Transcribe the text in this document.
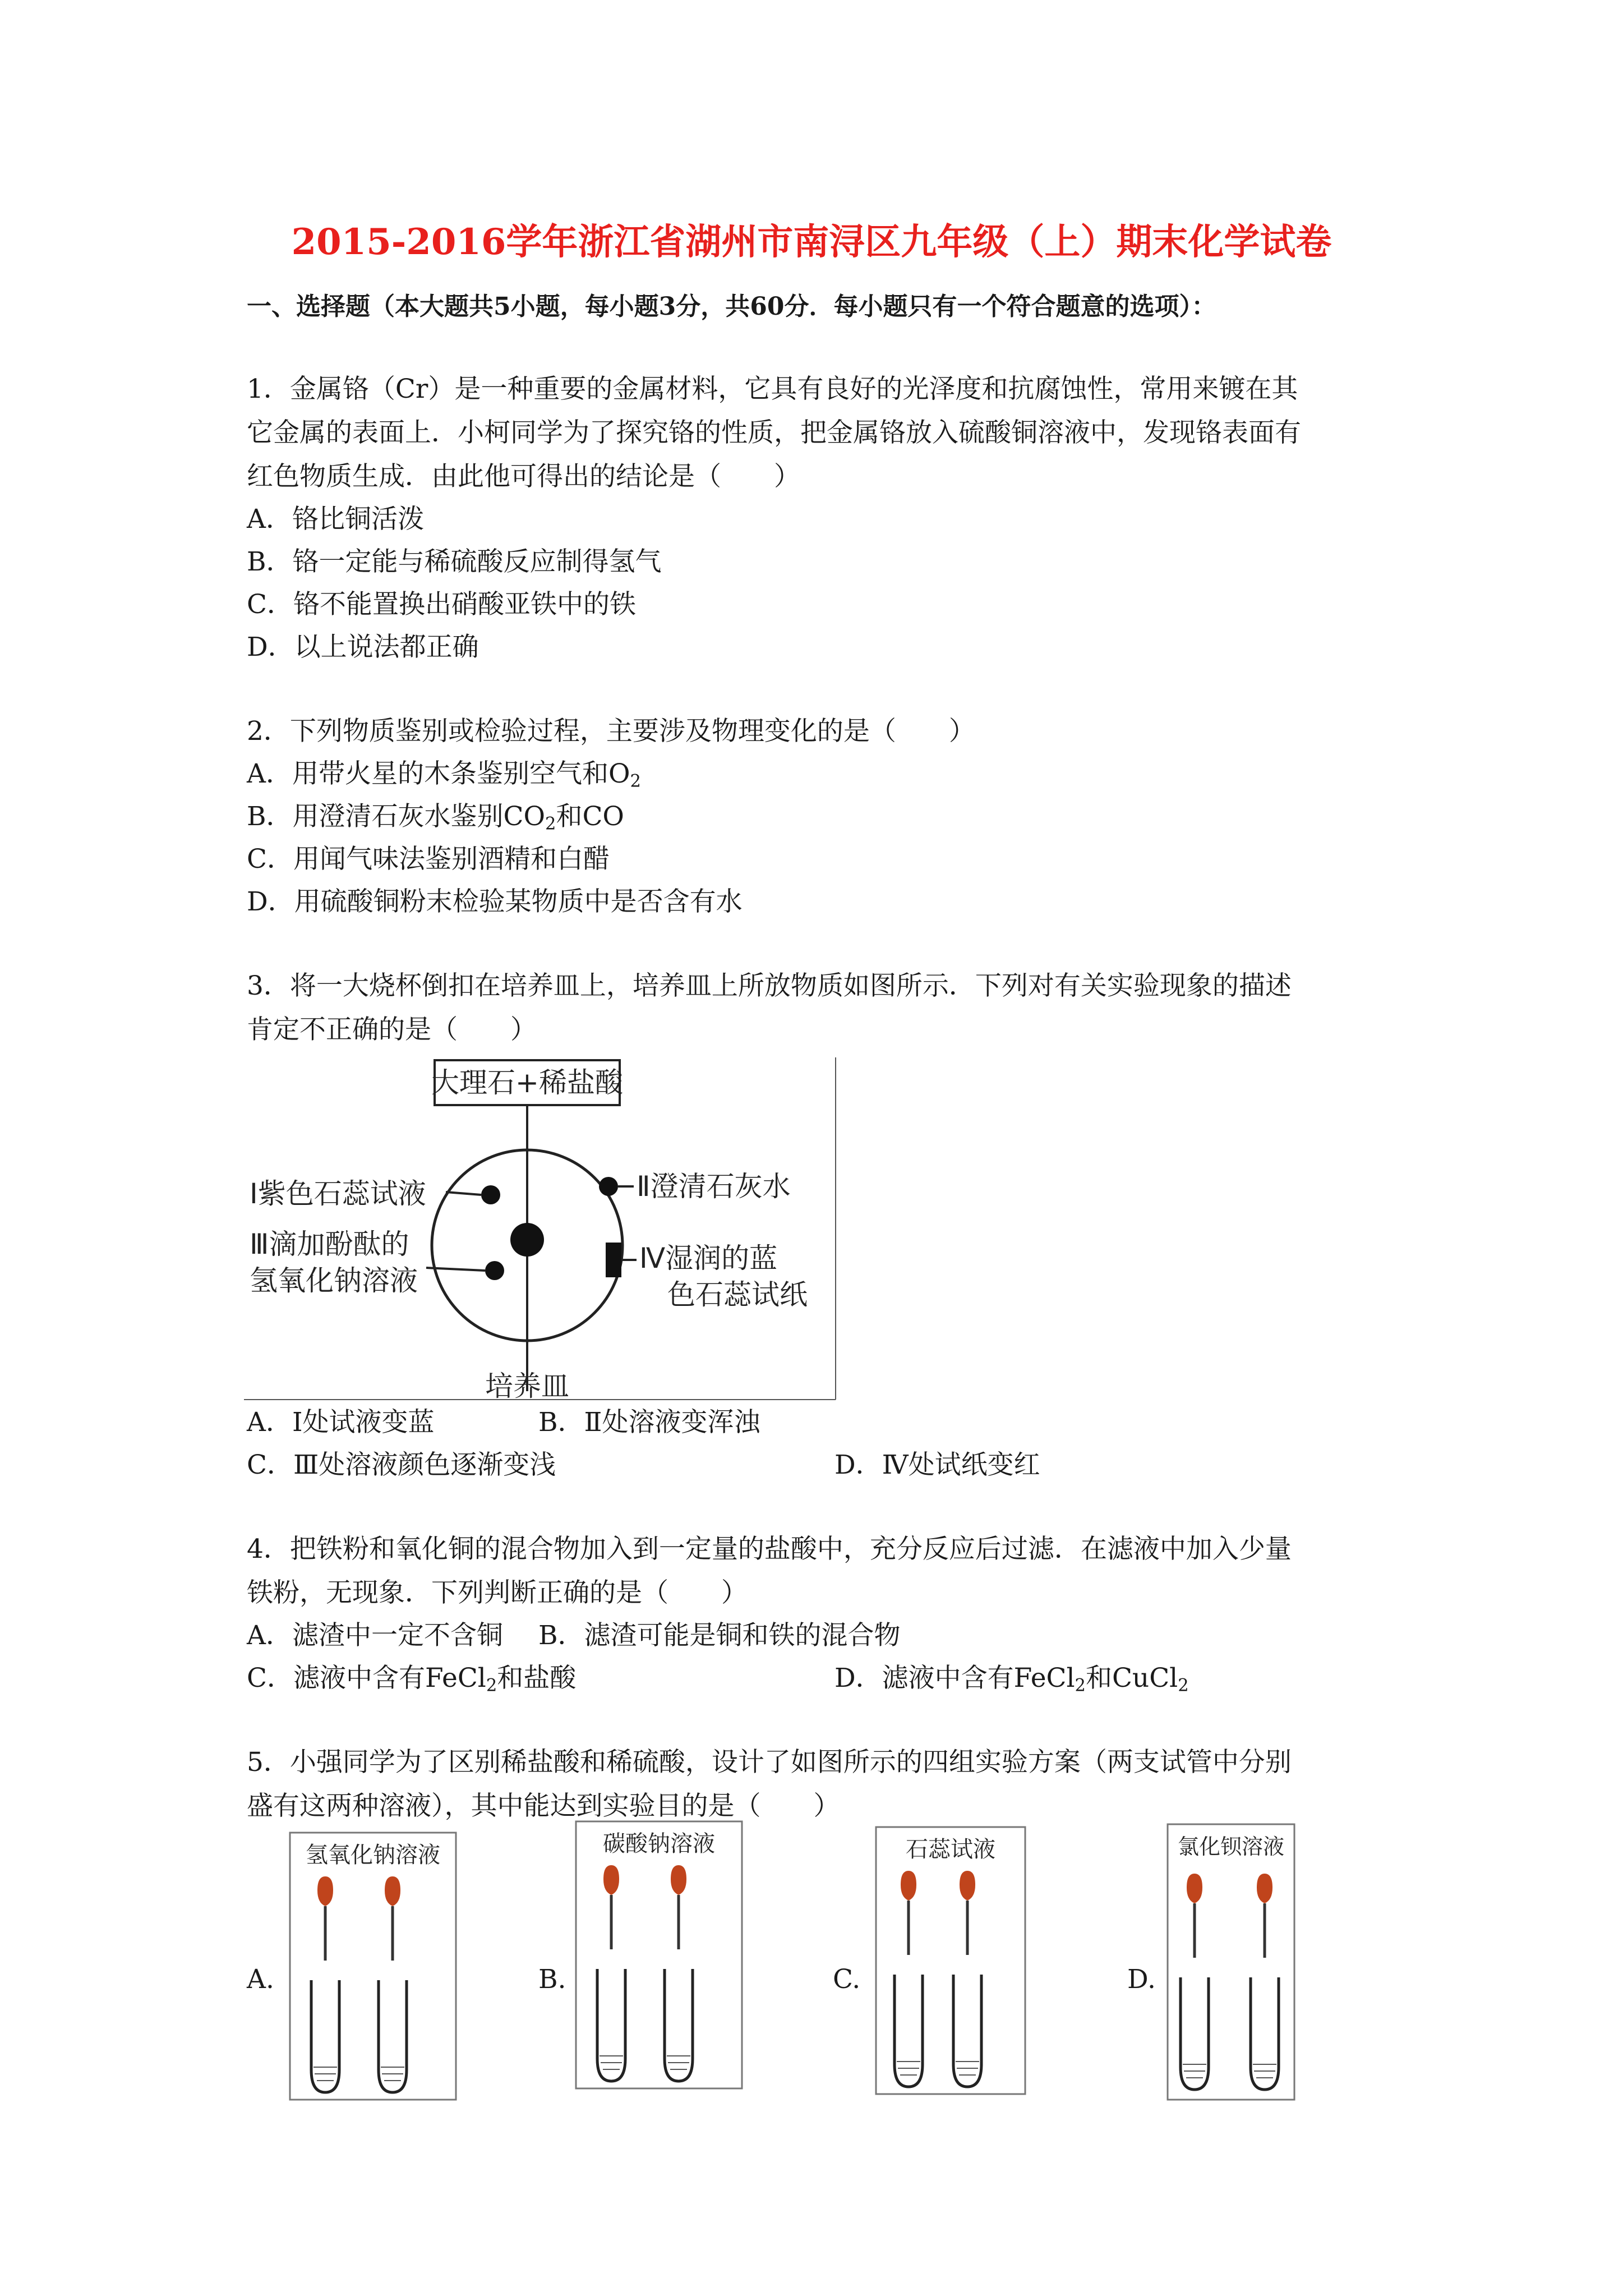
2015-2016学年浙江省湖州市南浔区九年级（上）期末化学试卷
一、选择题（本大题共5小题，每小题3分，共60分．每小题只有一个符合题意的选项）：
1．金属铬（Cr）是一种重要的金属材料，它具有良好的光泽度和抗腐蚀性，常用来镀在其
它金属的表面上．小柯同学为了探究铬的性质，把金属铬放入硫酸铜溶液中，发现铬表面有
红色物质生成．由此他可得出的结论是（　　）
A．铬比铜活泼
B．铬一定能与稀硫酸反应制得氢气
C．铬不能置换出硝酸亚铁中的铁
D．以上说法都正确
2．下列物质鉴别或检验过程，主要涉及物理变化的是（　　）
A．用带火星的木条鉴别空气和$O_2$
B．用澄清石灰水鉴别$CO_2$和CO
C．用闻气味法鉴别酒精和白醋
D．用硫酸铜粉末检验某物质中是否含有水
3．将一大烧杯倒扣在培养皿上，培养皿上所放物质如图所示．下列对有关实验现象的描述
肯定不正确的是（　　）
大理石+稀盐酸
Ⅰ紫色石蕊试液	Ⅱ澄清石灰水
Ⅲ滴加酚酞的
氢氧化钠溶液
Ⅳ湿润的蓝
色石蕊试纸
培养皿
A．Ⅰ处试液变蓝	B．Ⅱ处溶液变浑浊
C．Ⅲ处溶液颜色逐渐变浅	D．Ⅳ处试纸变红
4．把铁粉和氧化铜的混合物加入到一定量的盐酸中，充分反应后过滤．在滤液中加入少量
铁粉，无现象．下列判断正确的是（　　）
A．滤渣中一定不含铜 B．滤渣可能是铜和铁的混合物
C．滤液中含有FeCl$_2$和盐酸	D．滤液中含有FeCl$_2$和CuCl$_2$
5．小强同学为了区别稀盐酸和稀硫酸，设计了如图所示的四组实验方案（两支试管中分别
盛有这两种溶液），其中能达到实验目的是（　　）
A.	B.	C.	D.
氢氧化钠溶液	碳酸钠溶液	石蕊试液	氯化钡溶液
